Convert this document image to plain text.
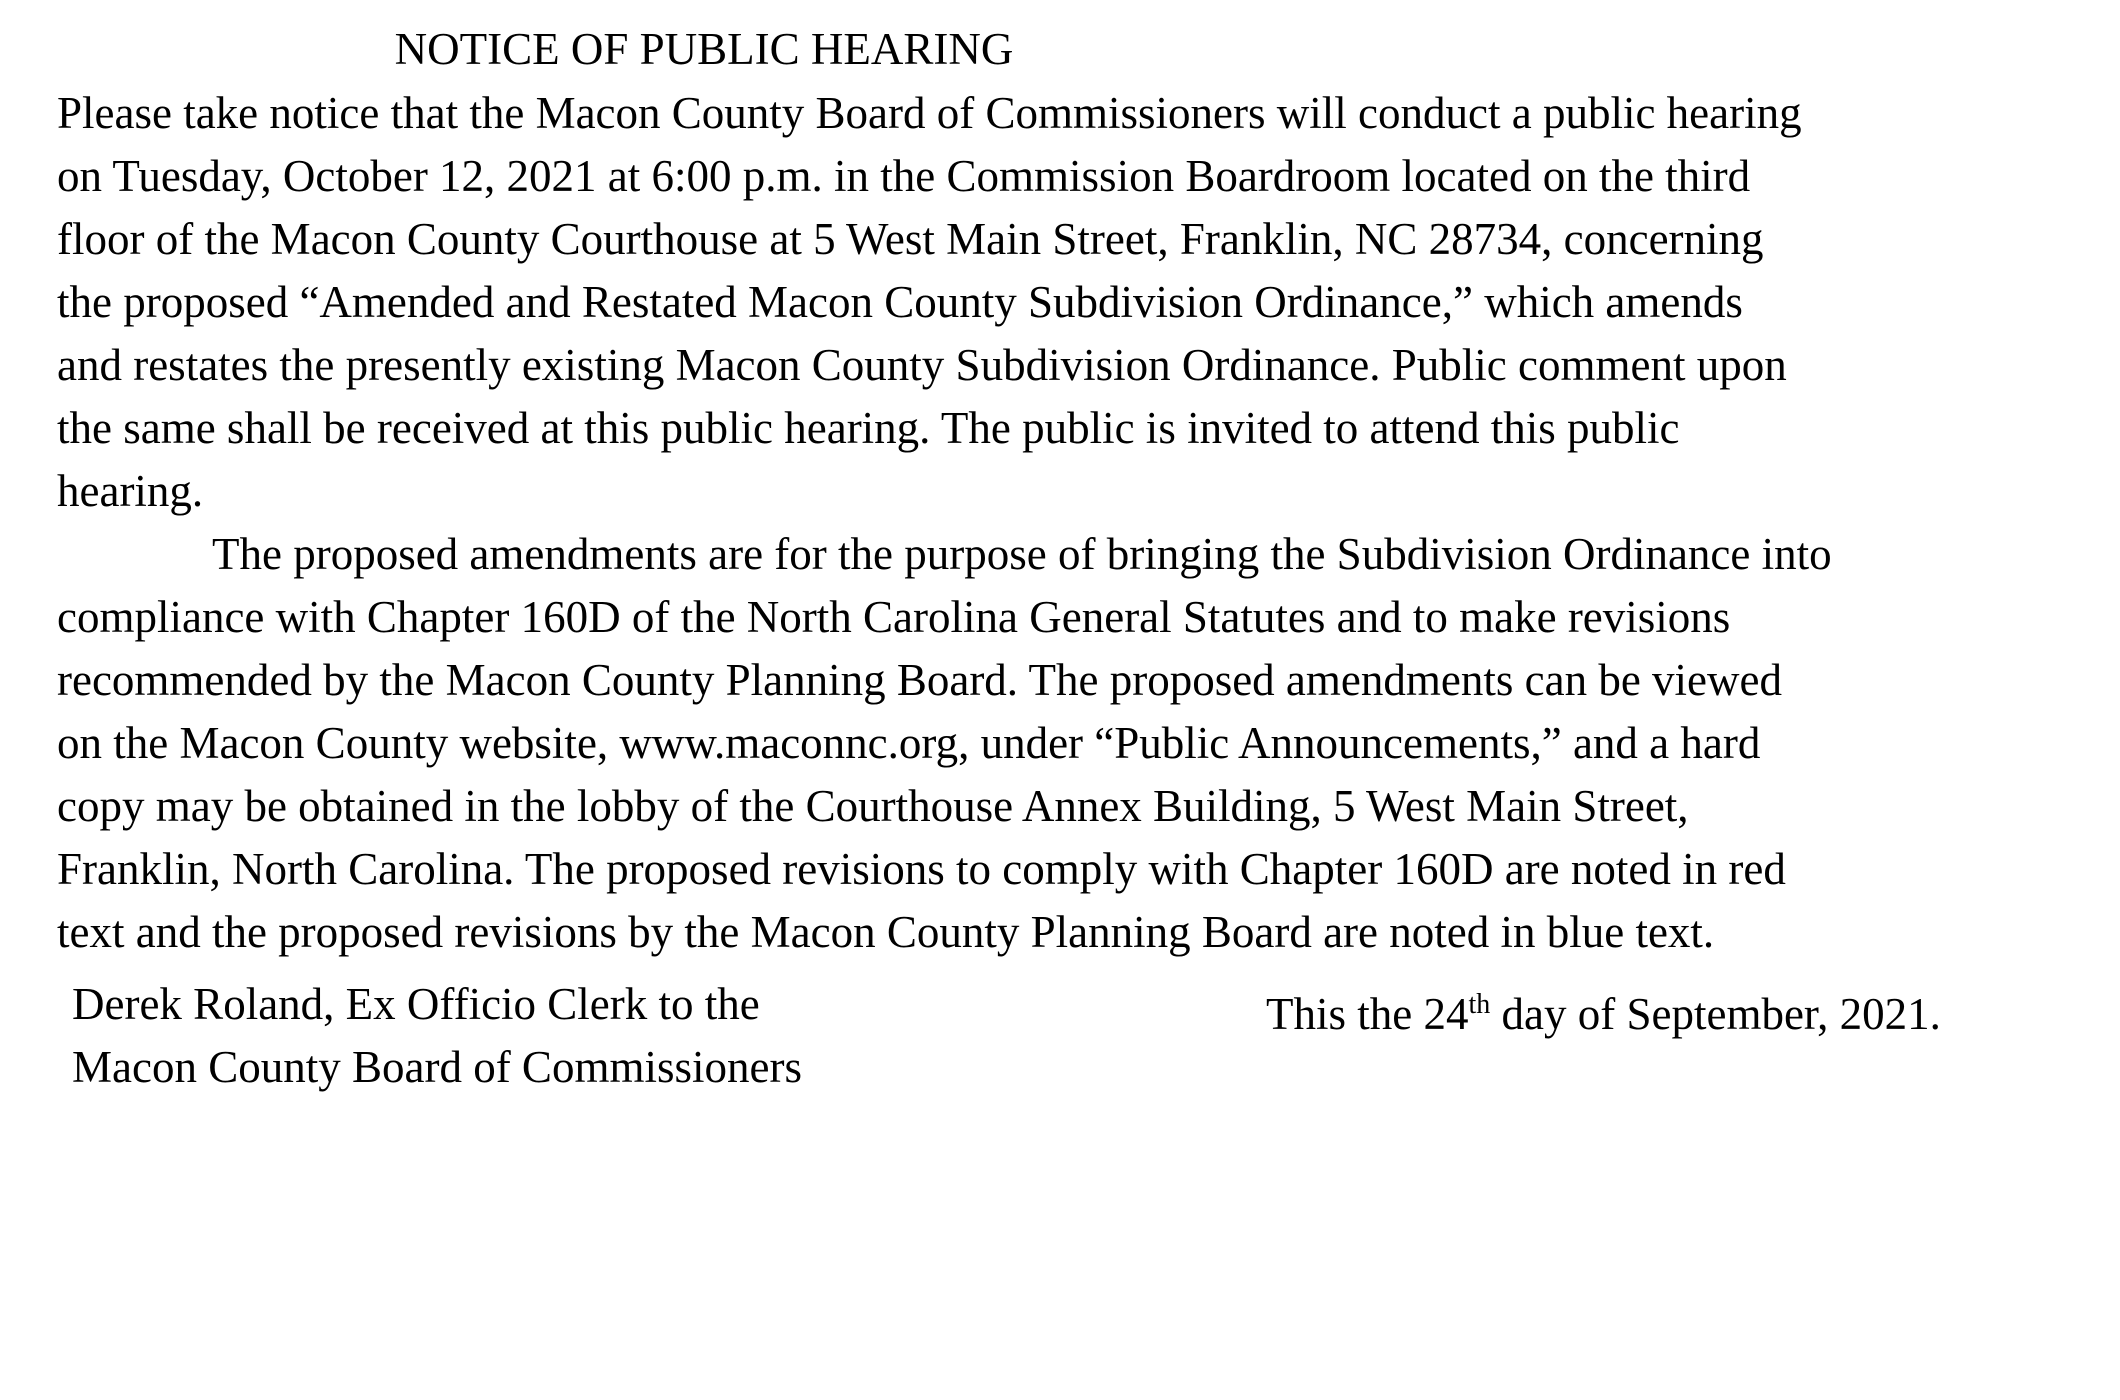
NOTICE OF PUBLIC HEARING
Please take notice that the Macon County Board of Commissioners will conduct a public hearing
on Tuesday, October 12, 2021 at 6:00 p.m. in the Commission Boardroom located on the third
floor of the Macon County Courthouse at 5 West Main Street, Franklin, NC 28734, concerning
the proposed “Amended and Restated Macon County Subdivision Ordinance,” which amends
and restates the presently existing Macon County Subdivision Ordinance. Public comment upon
the same shall be received at this public hearing. The public is invited to attend this public
hearing.
The proposed amendments are for the purpose of bringing the Subdivision Ordinance into
compliance with Chapter 160D of the North Carolina General Statutes and to make revisions
recommended by the Macon County Planning Board. The proposed amendments can be viewed
on the Macon County website, www.maconnc.org, under “Public Announcements,” and a hard
copy may be obtained in the lobby of the Courthouse Annex Building, 5 West Main Street,
Franklin, North Carolina. The proposed revisions to comply with Chapter 160D are noted in red
text and the proposed revisions by the Macon County Planning Board are noted in blue text.
Derek Roland, Ex Officio Clerk to the
Macon County Board of Commissioners
This the 24th day of September, 2021.
